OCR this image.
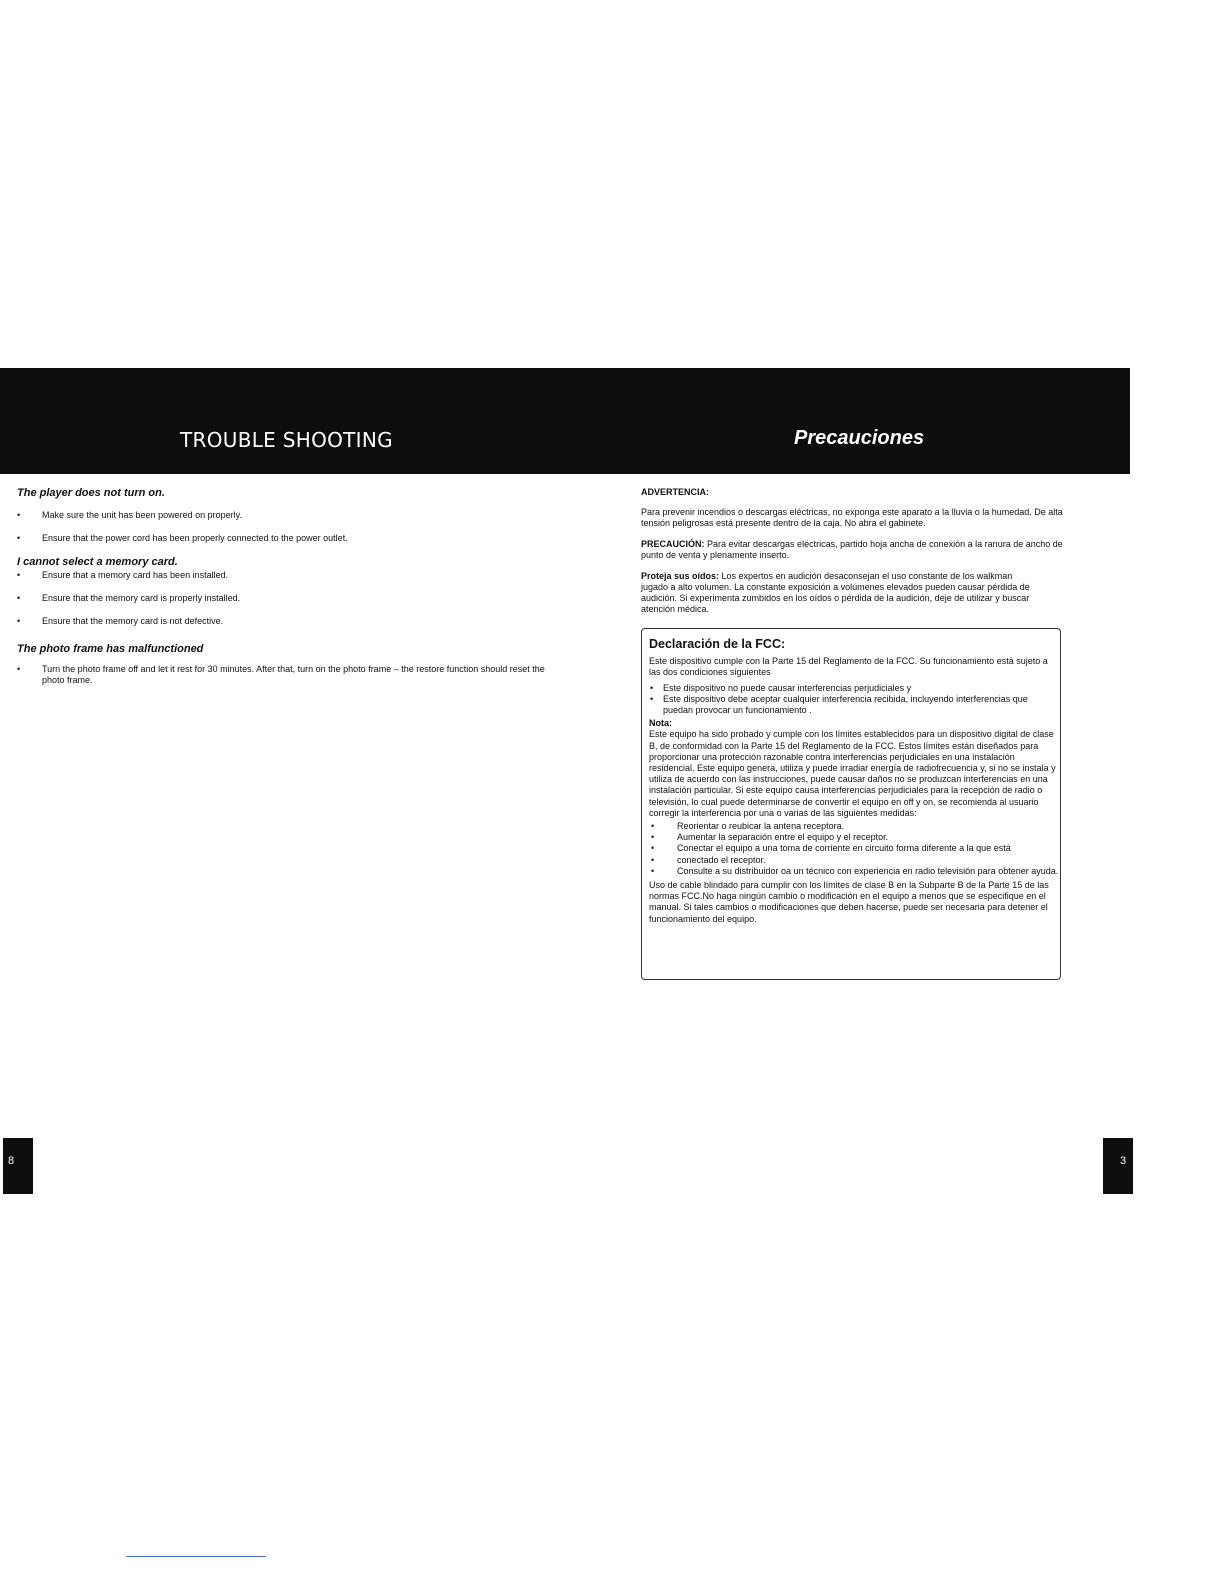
TROUBLE SHOOTING	Precauciones
The player does not turn on.
• Make sure the unit has been powered on properly.
• Ensure that the power cord has been properly connected to the power outlet.
I cannot select a memory card.
• Ensure that a memory card has been installed.
• Ensure that the memory card is properly installed.
• Ensure that the memory card is not defective.
The photo frame has malfunctioned
• Turn the photo frame off and let it rest for 30 minutes. After that, turn on the photo frame – the restore function should reset the photo frame.

ADVERTENCIA:

Para prevenir incendios o descargas eléctricas, no exponga este aparato a la lluvia o la humedad. De alta tensión peligrosas está presente dentro de la caja. No abra el gabinete.

PRECAUCIÓN: Para evitar descargas eléctricas, partido hoja ancha de conexión a la ranura de ancho de punto de venta y plenamente inserto.

Proteja sus oídos: Los expertos en audición desaconsejan el uso constante de los walkman jugado a alto volumen. La constante exposición a volúmenes elevados pueden causar pérdida de audición. Si experimenta zumbidos en los oídos o pérdida de la audición, deje de utilizar y buscar atención médica.

Declaración de la FCC:

Este dispositivo cumple con la Parte 15 del Reglamento de la FCC. Su funcionamiento está sujeto a las dos condiciones siguientes

• Este dispositivo no puede causar interferencias perjudiciales y
• Este dispositivo debe aceptar cualquier interferencia recibida, incluyendo interferencias que puedan provocar un funcionamiento .

Nota:

Este equipo ha sido probado y cumple con los límites establecidos para un dispositivo digital de clase B, de conformidad con la Parte 15 del Reglamento de la FCC. Estos límites están diseñados para proporcionar una protección razonable contra interferencias perjudiciales en una instalación residencial. Este equipo genera, utiliza y puede irradiar energía de radiofrecuencia y, si no se instala y utiliza de acuerdo con las instrucciones, puede causar daños no se produzcan interferencias en una instalación particular. Si este equipo causa interferencias perjudiciales para la recepción de radio o televisión, lo cual puede determinarse de convertir el equipo en off y on, se recomienda al usuario corregir la interferencia por una o varias de las siguientes medidas:

•	Reorientar o reubicar la antena receptora.
•	Aumentar la separación entre el equipo y el receptor.
•	Conectar el equipo a una toma de corriente en circuito forma diferente a la que está
•	conectado el receptor.
•	Consulte a su distribuidor oa un técnico con experiencia en radio televisión para obtener ayuda.

Uso de cable blindado para cumplir con los límites de clase B en la Subparte B de la Parte 15 de las normas FCC.No haga ningún cambio o modificación en el equipo a menos que se especifique en el manual. Si tales cambios o modificaciones que deben hacerse, puede ser necesaria para detener el funcionamiento del equipo.

8	3
